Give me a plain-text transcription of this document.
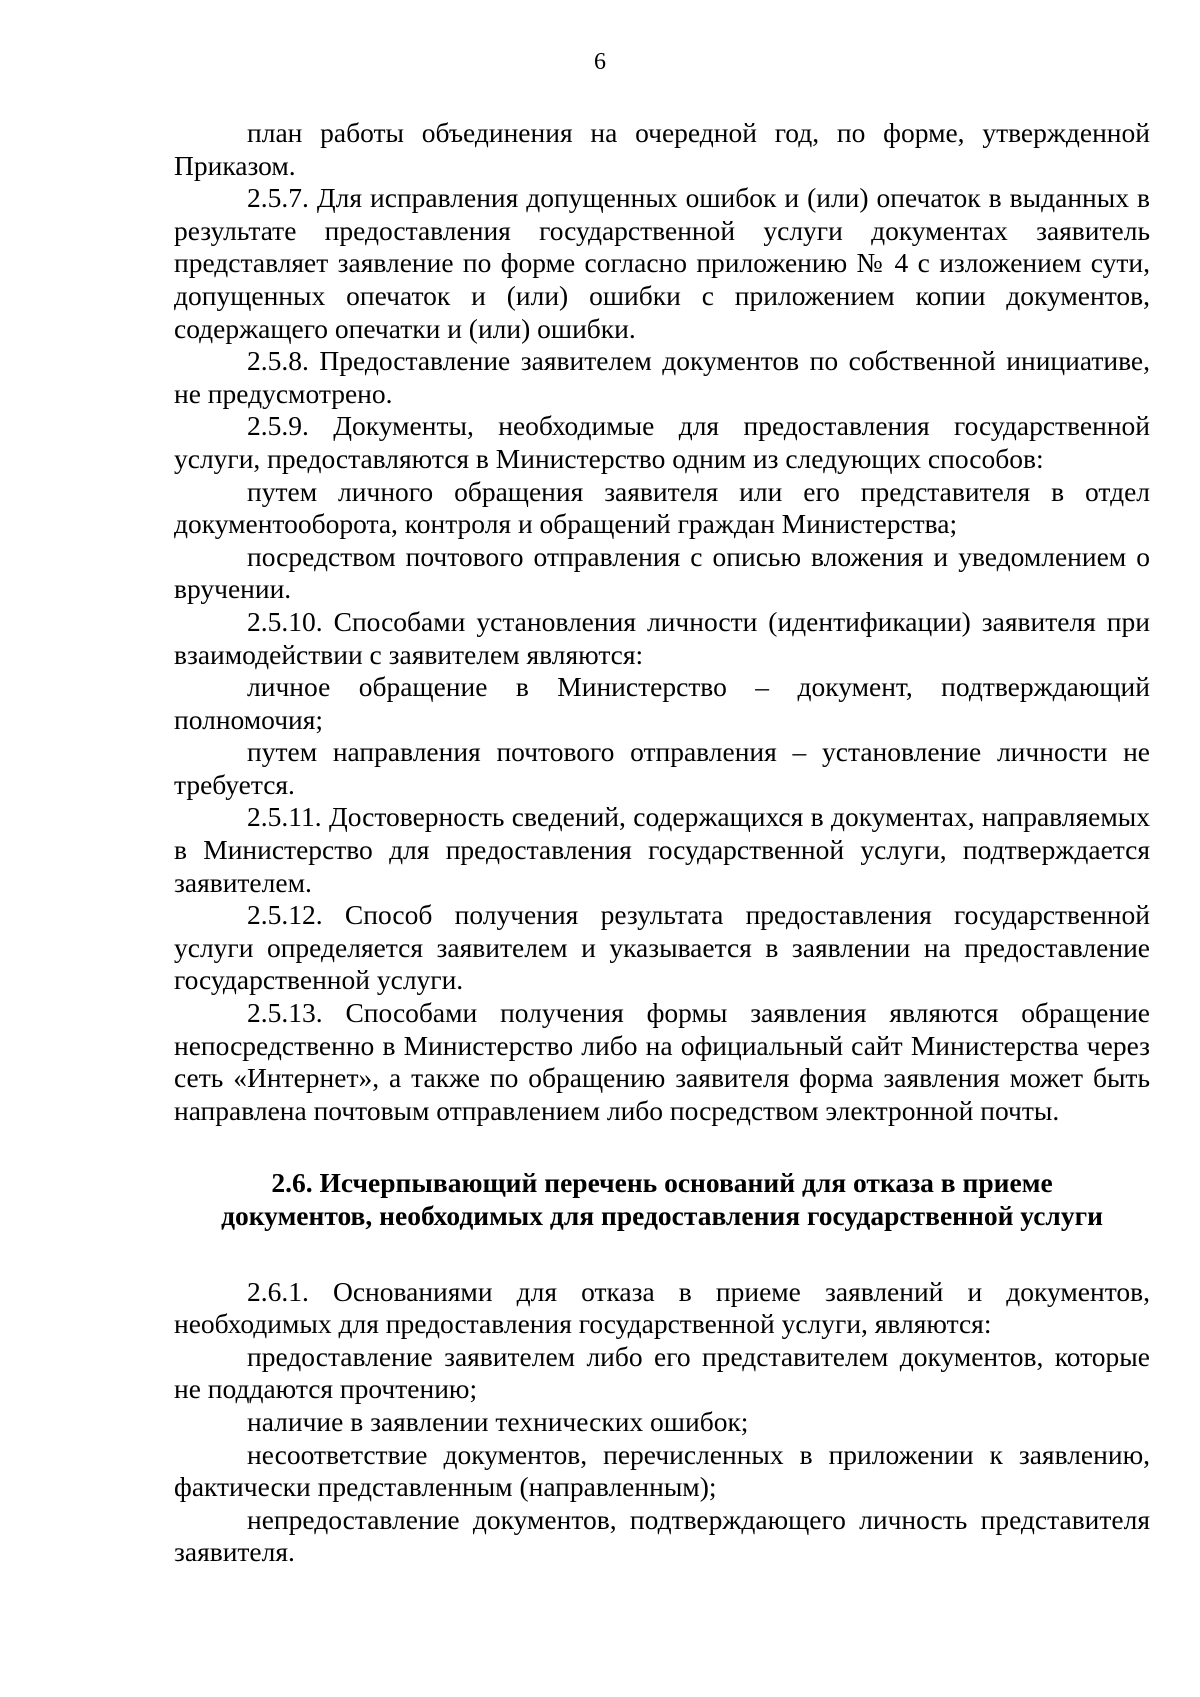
6

план работы объединения на очередной год, по форме, утвержденной Приказом.

2.5.7. Для исправления допущенных ошибок и (или) опечаток в выданных в результате предоставления государственной услуги документах заявитель представляет заявление по форме согласно приложению № 4 с изложением сути, допущенных опечаток и (или) ошибки с приложением копии документов, содержащего опечатки и (или) ошибки.

2.5.8. Предоставление заявителем документов по собственной инициативе, не предусмотрено.

2.5.9. Документы, необходимые для предоставления государственной услуги, предоставляются в Министерство одним из следующих способов:

путем личного обращения заявителя или его представителя в отдел документооборота, контроля и обращений граждан Министерства;

посредством почтового отправления с описью вложения и уведомлением о вручении.

2.5.10. Способами установления личности (идентификации) заявителя при взаимодействии с заявителем являются:

личное обращение в Министерство – документ, подтверждающий полномочия;

путем направления почтового отправления – установление личности не требуется.

2.5.11. Достоверность сведений, содержащихся в документах, направляемых в Министерство для предоставления государственной услуги, подтверждается заявителем.

2.5.12. Способ получения результата предоставления государственной услуги определяется заявителем и указывается в заявлении на предоставление государственной услуги.

2.5.13. Способами получения формы заявления являются обращение непосредственно в Министерство либо на официальный сайт Министерства через сеть «Интернет», а также по обращению заявителя форма заявления может быть направлена почтовым отправлением либо посредством электронной почты.

2.6. Исчерпывающий перечень оснований для отказа в приеме
документов, необходимых для предоставления государственной услуги

2.6.1. Основаниями для отказа в приеме заявлений и документов, необходимых для предоставления государственной услуги, являются:

предоставление заявителем либо его представителем документов, которые не поддаются прочтению;

наличие в заявлении технических ошибок;

несоответствие документов, перечисленных в приложении к заявлению, фактически представленным (направленным);

непредоставление документов, подтверждающего личность представителя заявителя.
